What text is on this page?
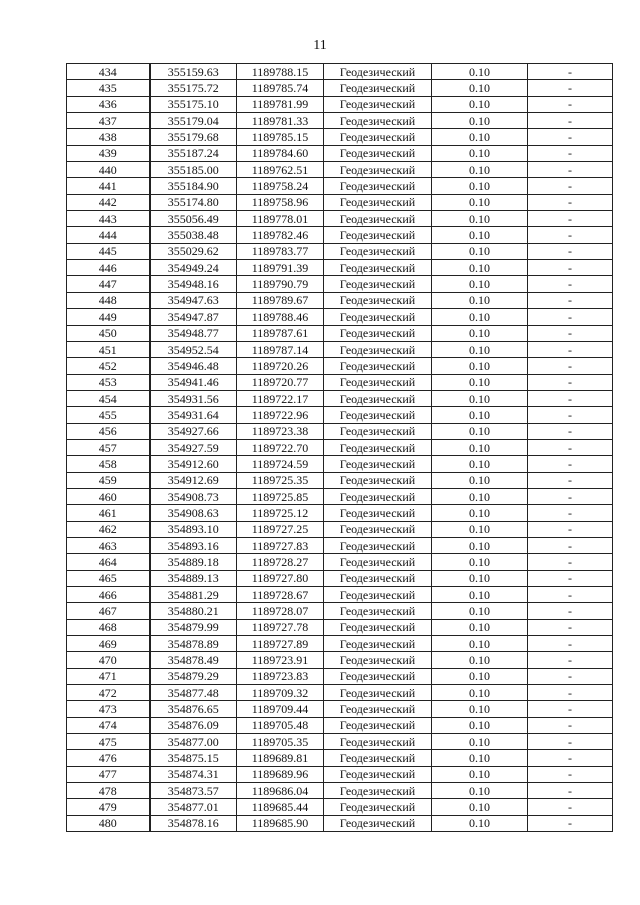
11
434	355159.63	1189788.15	Геодезический	0.10	-
435	355175.72	1189785.74	Геодезический	0.10	-
436	355175.10	1189781.99	Геодезический	0.10	-
437	355179.04	1189781.33	Геодезический	0.10	-
438	355179.68	1189785.15	Геодезический	0.10	-
439	355187.24	1189784.60	Геодезический	0.10	-
440	355185.00	1189762.51	Геодезический	0.10	-
441	355184.90	1189758.24	Геодезический	0.10	-
442	355174.80	1189758.96	Геодезический	0.10	-
443	355056.49	1189778.01	Геодезический	0.10	-
444	355038.48	1189782.46	Геодезический	0.10	-
445	355029.62	1189783.77	Геодезический	0.10	-
446	354949.24	1189791.39	Геодезический	0.10	-
447	354948.16	1189790.79	Геодезический	0.10	-
448	354947.63	1189789.67	Геодезический	0.10	-
449	354947.87	1189788.46	Геодезический	0.10	-
450	354948.77	1189787.61	Геодезический	0.10	-
451	354952.54	1189787.14	Геодезический	0.10	-
452	354946.48	1189720.26	Геодезический	0.10	-
453	354941.46	1189720.77	Геодезический	0.10	-
454	354931.56	1189722.17	Геодезический	0.10	-
455	354931.64	1189722.96	Геодезический	0.10	-
456	354927.66	1189723.38	Геодезический	0.10	-
457	354927.59	1189722.70	Геодезический	0.10	-
458	354912.60	1189724.59	Геодезический	0.10	-
459	354912.69	1189725.35	Геодезический	0.10	-
460	354908.73	1189725.85	Геодезический	0.10	-
461	354908.63	1189725.12	Геодезический	0.10	-
462	354893.10	1189727.25	Геодезический	0.10	-
463	354893.16	1189727.83	Геодезический	0.10	-
464	354889.18	1189728.27	Геодезический	0.10	-
465	354889.13	1189727.80	Геодезический	0.10	-
466	354881.29	1189728.67	Геодезический	0.10	-
467	354880.21	1189728.07	Геодезический	0.10	-
468	354879.99	1189727.78	Геодезический	0.10	-
469	354878.89	1189727.89	Геодезический	0.10	-
470	354878.49	1189723.91	Геодезический	0.10	-
471	354879.29	1189723.83	Геодезический	0.10	-
472	354877.48	1189709.32	Геодезический	0.10	-
473	354876.65	1189709.44	Геодезический	0.10	-
474	354876.09	1189705.48	Геодезический	0.10	-
475	354877.00	1189705.35	Геодезический	0.10	-
476	354875.15	1189689.81	Геодезический	0.10	-
477	354874.31	1189689.96	Геодезический	0.10	-
478	354873.57	1189686.04	Геодезический	0.10	-
479	354877.01	1189685.44	Геодезический	0.10	-
480	354878.16	1189685.90	Геодезический	0.10	-
